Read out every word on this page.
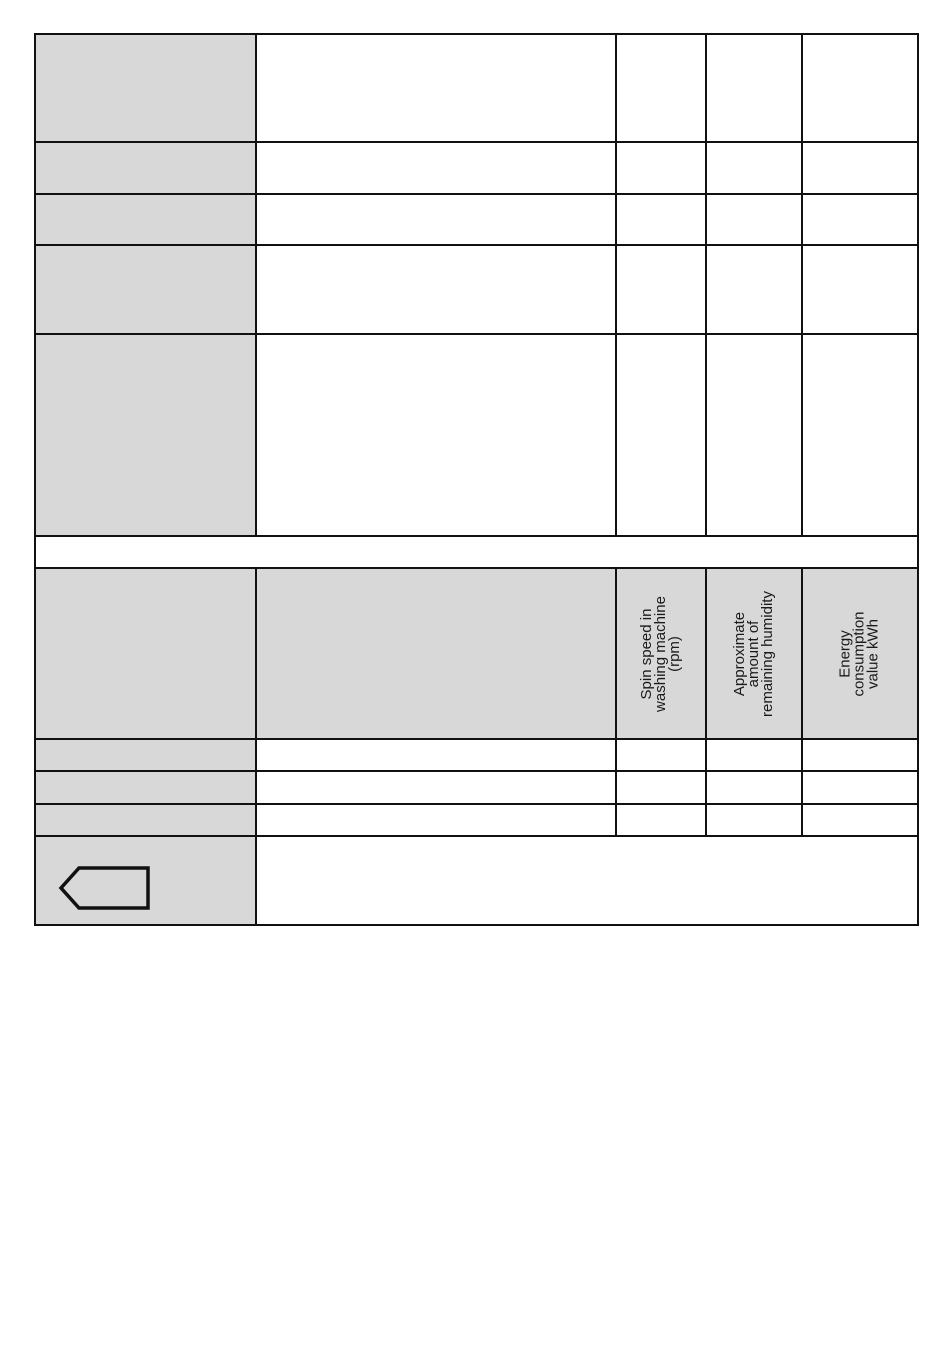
Spin speed in
washing machine
(rpm)	Approximate
amount of
remaining humidity	Energy
consumption
value kWh
